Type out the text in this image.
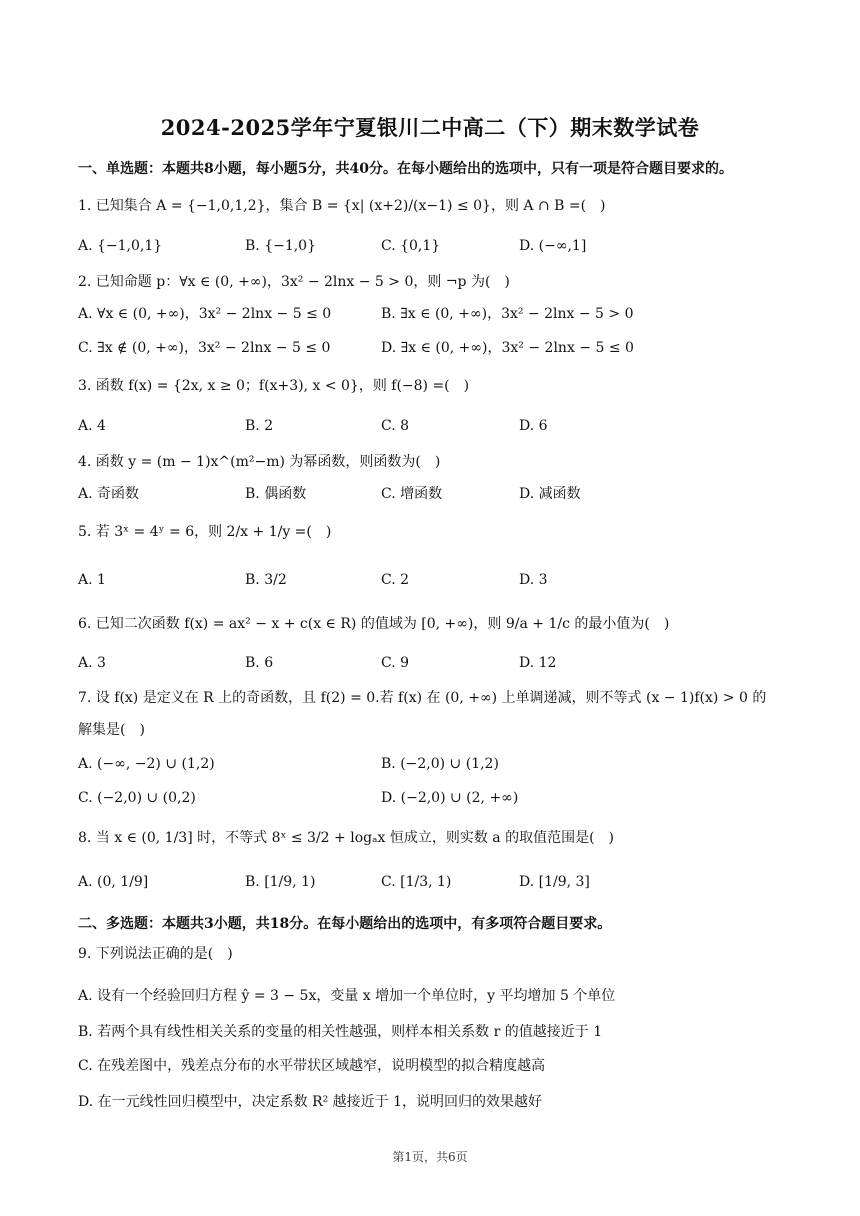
2024-2025学年宁夏银川二中高二（下）期末数学试卷
一、单选题：本题共8小题，每小题5分，共40分。在每小题给出的选项中，只有一项是符合题目要求的。
1. 已知集合 A = {−1,0,1,2}，集合 B = {x| (x+2)/(x−1) ≤ 0}，则 A ∩ B =(　)
A. {−1,0,1}	B. {−1,0}	C. {0,1}	D. (−∞,1]
2. 已知命题 p：∀x ∈ (0, +∞)，3x² − 2lnx − 5 > 0，则 ¬p 为(　)
A. ∀x ∈ (0, +∞)，3x² − 2lnx − 5 ≤ 0	B. ∃x ∈ (0, +∞)，3x² − 2lnx − 5 > 0
C. ∃x ∉ (0, +∞)，3x² − 2lnx − 5 ≤ 0	D. ∃x ∈ (0, +∞)，3x² − 2lnx − 5 ≤ 0
3. 函数 f(x) = {2x, x ≥ 0；f(x+3), x < 0}，则 f(−8) =(　)
A. 4	B. 2	C. 8	D. 6
4. 函数 y = (m − 1)x^(m²−m) 为幂函数，则函数为(　)
A. 奇函数	B. 偶函数	C. 增函数	D. 减函数
5. 若 3ˣ = 4ʸ = 6，则 2/x + 1/y =(　)
A. 1	B. 3/2	C. 2	D. 3
6. 已知二次函数 f(x) = ax² − x + c(x ∈ R) 的值域为 [0, +∞)，则 9/a + 1/c 的最小值为(　)
A. 3	B. 6	C. 9	D. 12
7. 设 f(x) 是定义在 R 上的奇函数，且 f(2) = 0.若 f(x) 在 (0, +∞) 上单调递减，则不等式 (x − 1)f(x) > 0 的
解集是(　)
A. (−∞, −2) ∪ (1,2)	B. (−2,0) ∪ (1,2)
C. (−2,0) ∪ (0,2)	D. (−2,0) ∪ (2, +∞)
8. 当 x ∈ (0, 1/3] 时，不等式 8ˣ ≤ 3/2 + logₐx 恒成立，则实数 a 的取值范围是(　)
A. (0, 1/9]	B. [1/9, 1)	C. [1/3, 1)	D. [1/9, 3]
二、多选题：本题共3小题，共18分。在每小题给出的选项中，有多项符合题目要求。
9. 下列说法正确的是(　)
A. 设有一个经验回归方程 ŷ = 3 − 5x，变量 x 增加一个单位时，y 平均增加 5 个单位
B. 若两个具有线性相关关系的变量的相关性越强，则样本相关系数 r 的值越接近于 1
C. 在残差图中，残差点分布的水平带状区域越窄，说明模型的拟合精度越高
D. 在一元线性回归模型中，决定系数 R² 越接近于 1，说明回归的效果越好
第1页，共6页
